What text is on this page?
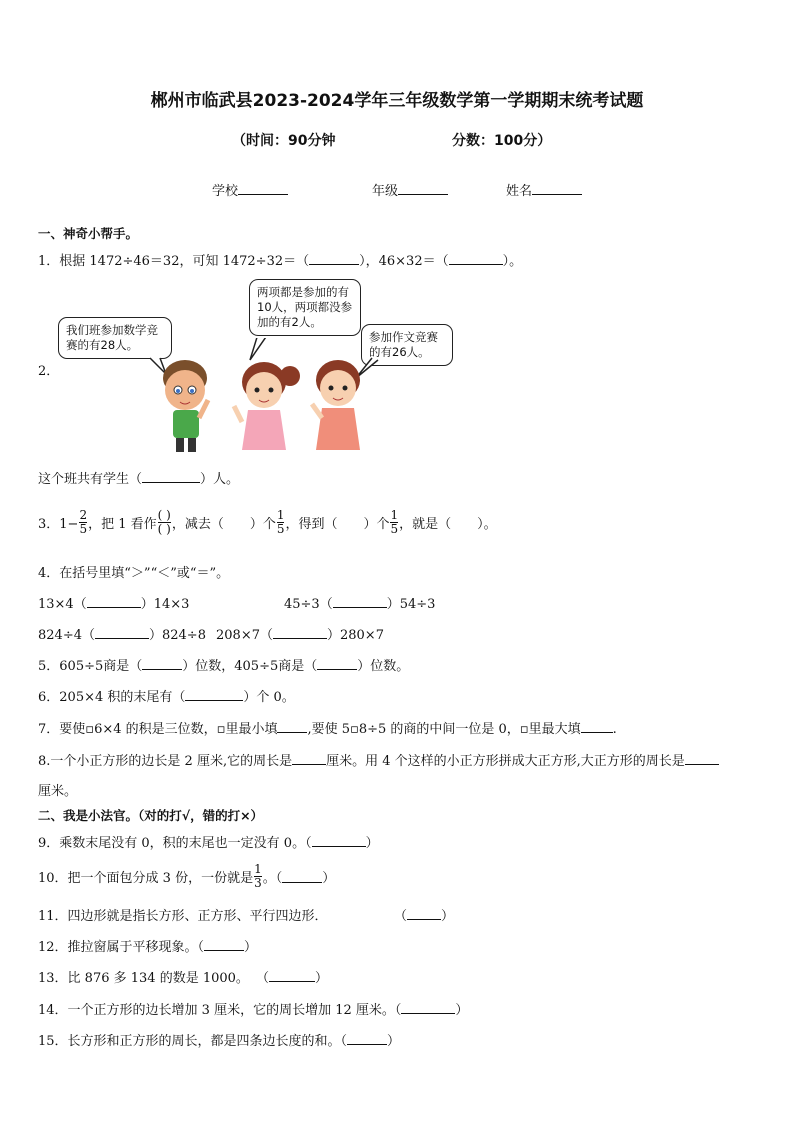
郴州市临武县2023-2024学年三年级数学第一学期期末统考试题
（时间：90分钟	分数：100分）
学校	年级	姓名
一、神奇小帮手。
1．根据 1472÷46＝32，可知 1472÷32＝（	），46×32＝（	）。
2．
我们班参加数学竞赛的有28人。
两项都是参加的有10人，两项都没参加的有2人。
参加作文竞赛的有26人。
这个班共有学生（	）人。
3．$1- \frac{2}{5}$ ，把 1 看作 $\frac{( )}{( )}$ ，减去（　　）个 $\frac{1}{5}$ ，得到（　　）个 $\frac{1}{5}$ ，就是（　　）。
4．在括号里填“＞”“＜”或“＝”。
13×4（	）14×3	45÷3（	）54÷3
824÷4（	）824÷8 208×7（	）280×7
5．605÷5商是（	）位数，405÷5商是（	）位数。
6．205×4 积的末尾有（	）个 0。
7．要使▫6×4 的积是三位数，▫里最小填 ,要使 5▫8÷5 的商的中间一位是 0，▫里最大填 .
8.一个小正方形的边长是 2 厘米,它的周长是	厘米。用 4 个这样的小正方形拼成大正方形,大正方形的周长是
厘米。
二、我是小法官。（对的打√，错的打×）
9．乘数末尾没有 0，积的末尾也一定没有 0。（	）
10．把一个面包分成 3 份，一份就是 $\frac{1}{3}$ 。（	）
11．四边形就是指长方形、正方形、平行四边形．	（	）
12．推拉窗属于平移现象。（	）
13．比 876 多 134 的数是 1000。 （	）
14．一个正方形的边长增加 3 厘米，它的周长增加 12 厘米。（	）
15．长方形和正方形的周长，都是四条边长度的和。（	）
